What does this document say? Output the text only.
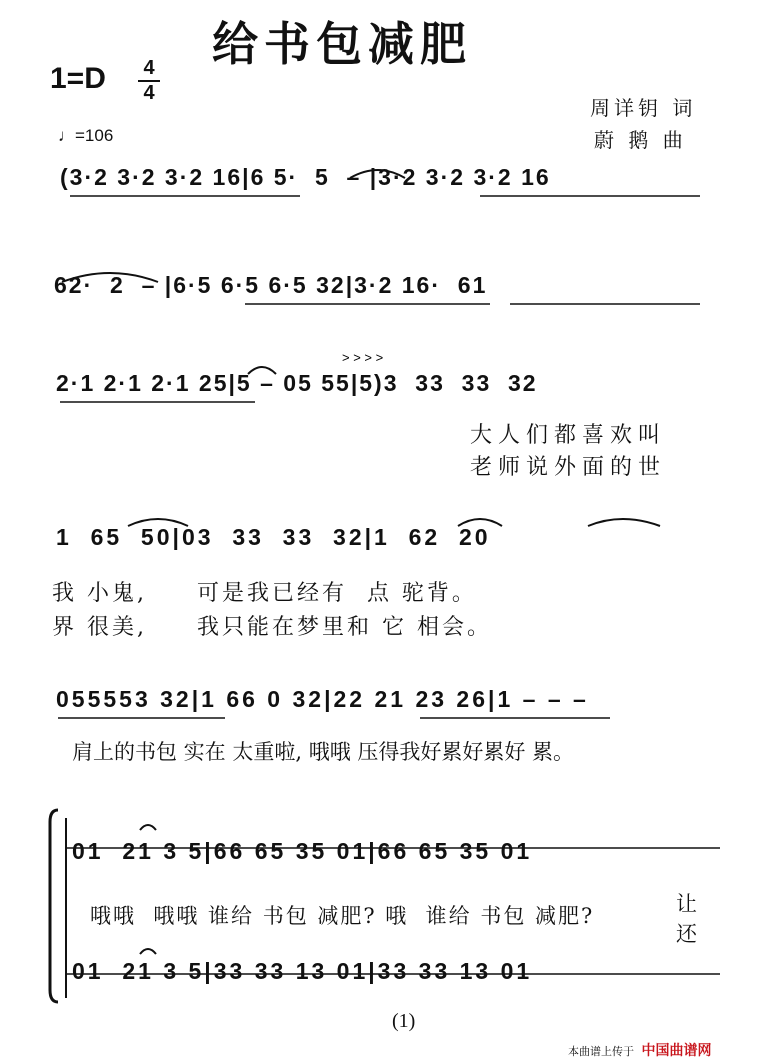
给书包减肥
1=D 4
4
♩=106
周详钥 词
蔚 鹅 曲
(3·2 3·2 3·2 16|6 5·  5  – |3·2 3·2 3·2 16
62·  2  – |6·5 6·5 6·5 32|3·2 16·  61
2·1 2·1 2·1 25|5 – 05 55|5)3  33  33  32
> > > >
大人们都喜欢叫
老师说外面的世
1  65  50|03  33  33  32|1  62  20
我 小鬼,     可是我已经有  点 驼背。
界 很美,     我只能在梦里和 它 相会。
055553 32|1 66 0 32|22 21 23 26|1 – – –
肩上的书包 实在 太重啦, 哦哦 压得我好累好累好 累。
01  21 3 5|66 65 35 01|66 65 35 01
哦哦  哦哦 谁给 书包 减肥? 哦  谁给 书包 减肥?	让
还
01  21 3 5|33 33 13 01|33 33 13 01
(1)
本曲谱上传于 中国曲谱网
